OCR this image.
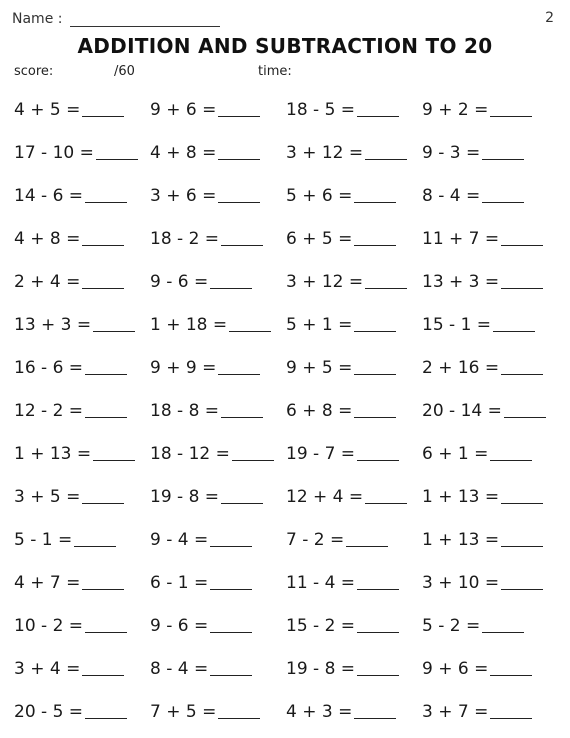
Name :	2
ADDITION AND SUBTRACTION TO 20
score:	/60	time:
4 + 5 =	9 + 6 =	18 - 5 =	9 + 2 =
17 - 10 =	4 + 8 =	3 + 12 =	9 - 3 =
14 - 6 =	3 + 6 =	5 + 6 =	8 - 4 =
4 + 8 =	18 - 2 =	6 + 5 =	11 + 7 =
2 + 4 =	9 - 6 =	3 + 12 =	13 + 3 =
13 + 3 =	1 + 18 =	5 + 1 =	15 - 1 =
16 - 6 =	9 + 9 =	9 + 5 =	2 + 16 =
12 - 2 =	18 - 8 =	6 + 8 =	20 - 14 =
1 + 13 =	18 - 12 =	19 - 7 =	6 + 1 =
3 + 5 =	19 - 8 =	12 + 4 =	1 + 13 =
5 - 1 =	9 - 4 =	7 - 2 =	1 + 13 =
4 + 7 =	6 - 1 =	11 - 4 =	3 + 10 =
10 - 2 =	9 - 6 =	15 - 2 =	5 - 2 =
3 + 4 =	8 - 4 =	19 - 8 =	9 + 6 =
20 - 5 =	7 + 5 =	4 + 3 =	3 + 7 =
